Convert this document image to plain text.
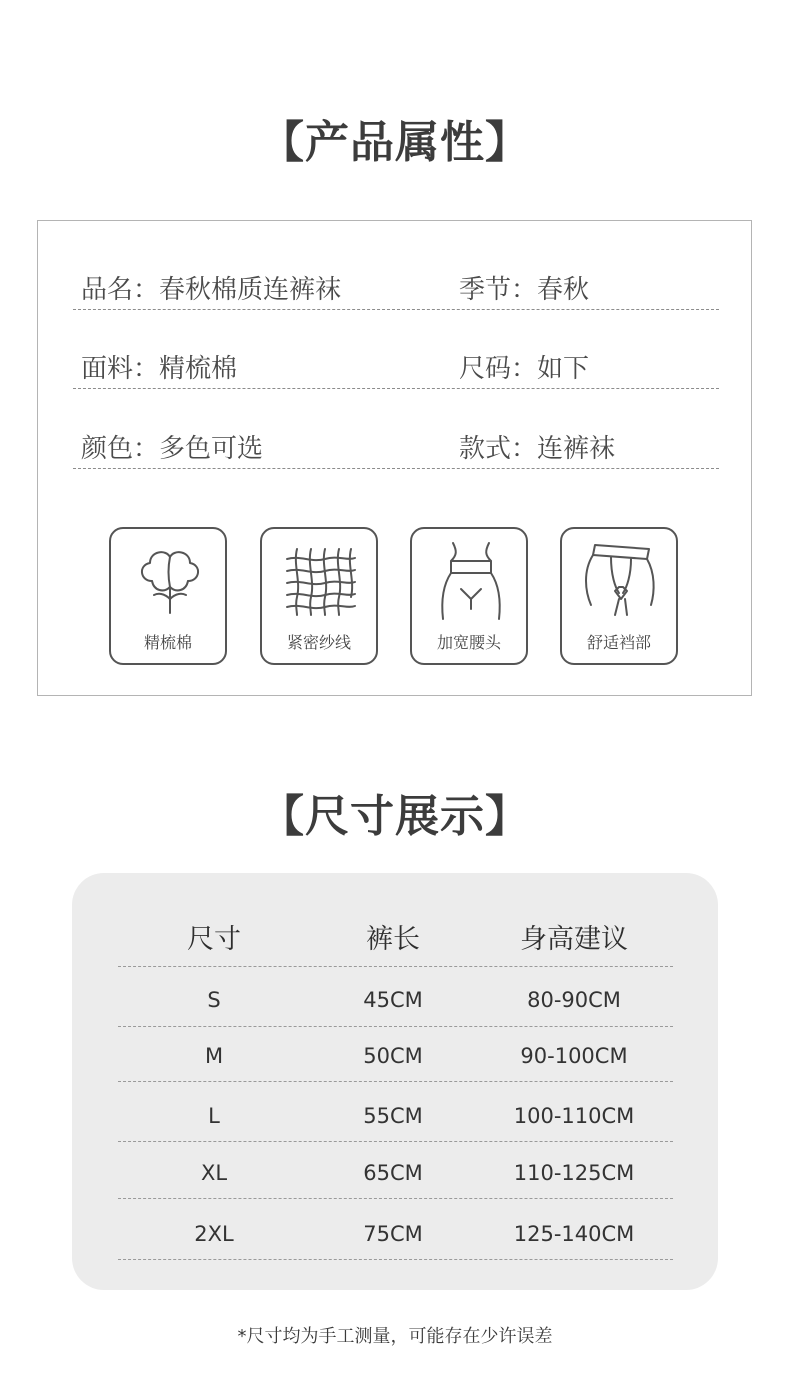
【产品属性】
品名：春秋棉质连裤袜	季节：春秋
面料：精梳棉	尺码：如下
颜色：多色可选	款式：连裤袜
精梳棉	紧密纱线	加宽腰头	舒适裆部
【尺寸展示】
尺寸	裤长	身高建议
S	45CM	80-90CM
M	50CM	90-100CM
L	55CM	100-110CM
XL	65CM	110-125CM
2XL	75CM	125-140CM
*尺寸均为手工测量，可能存在少许误差
